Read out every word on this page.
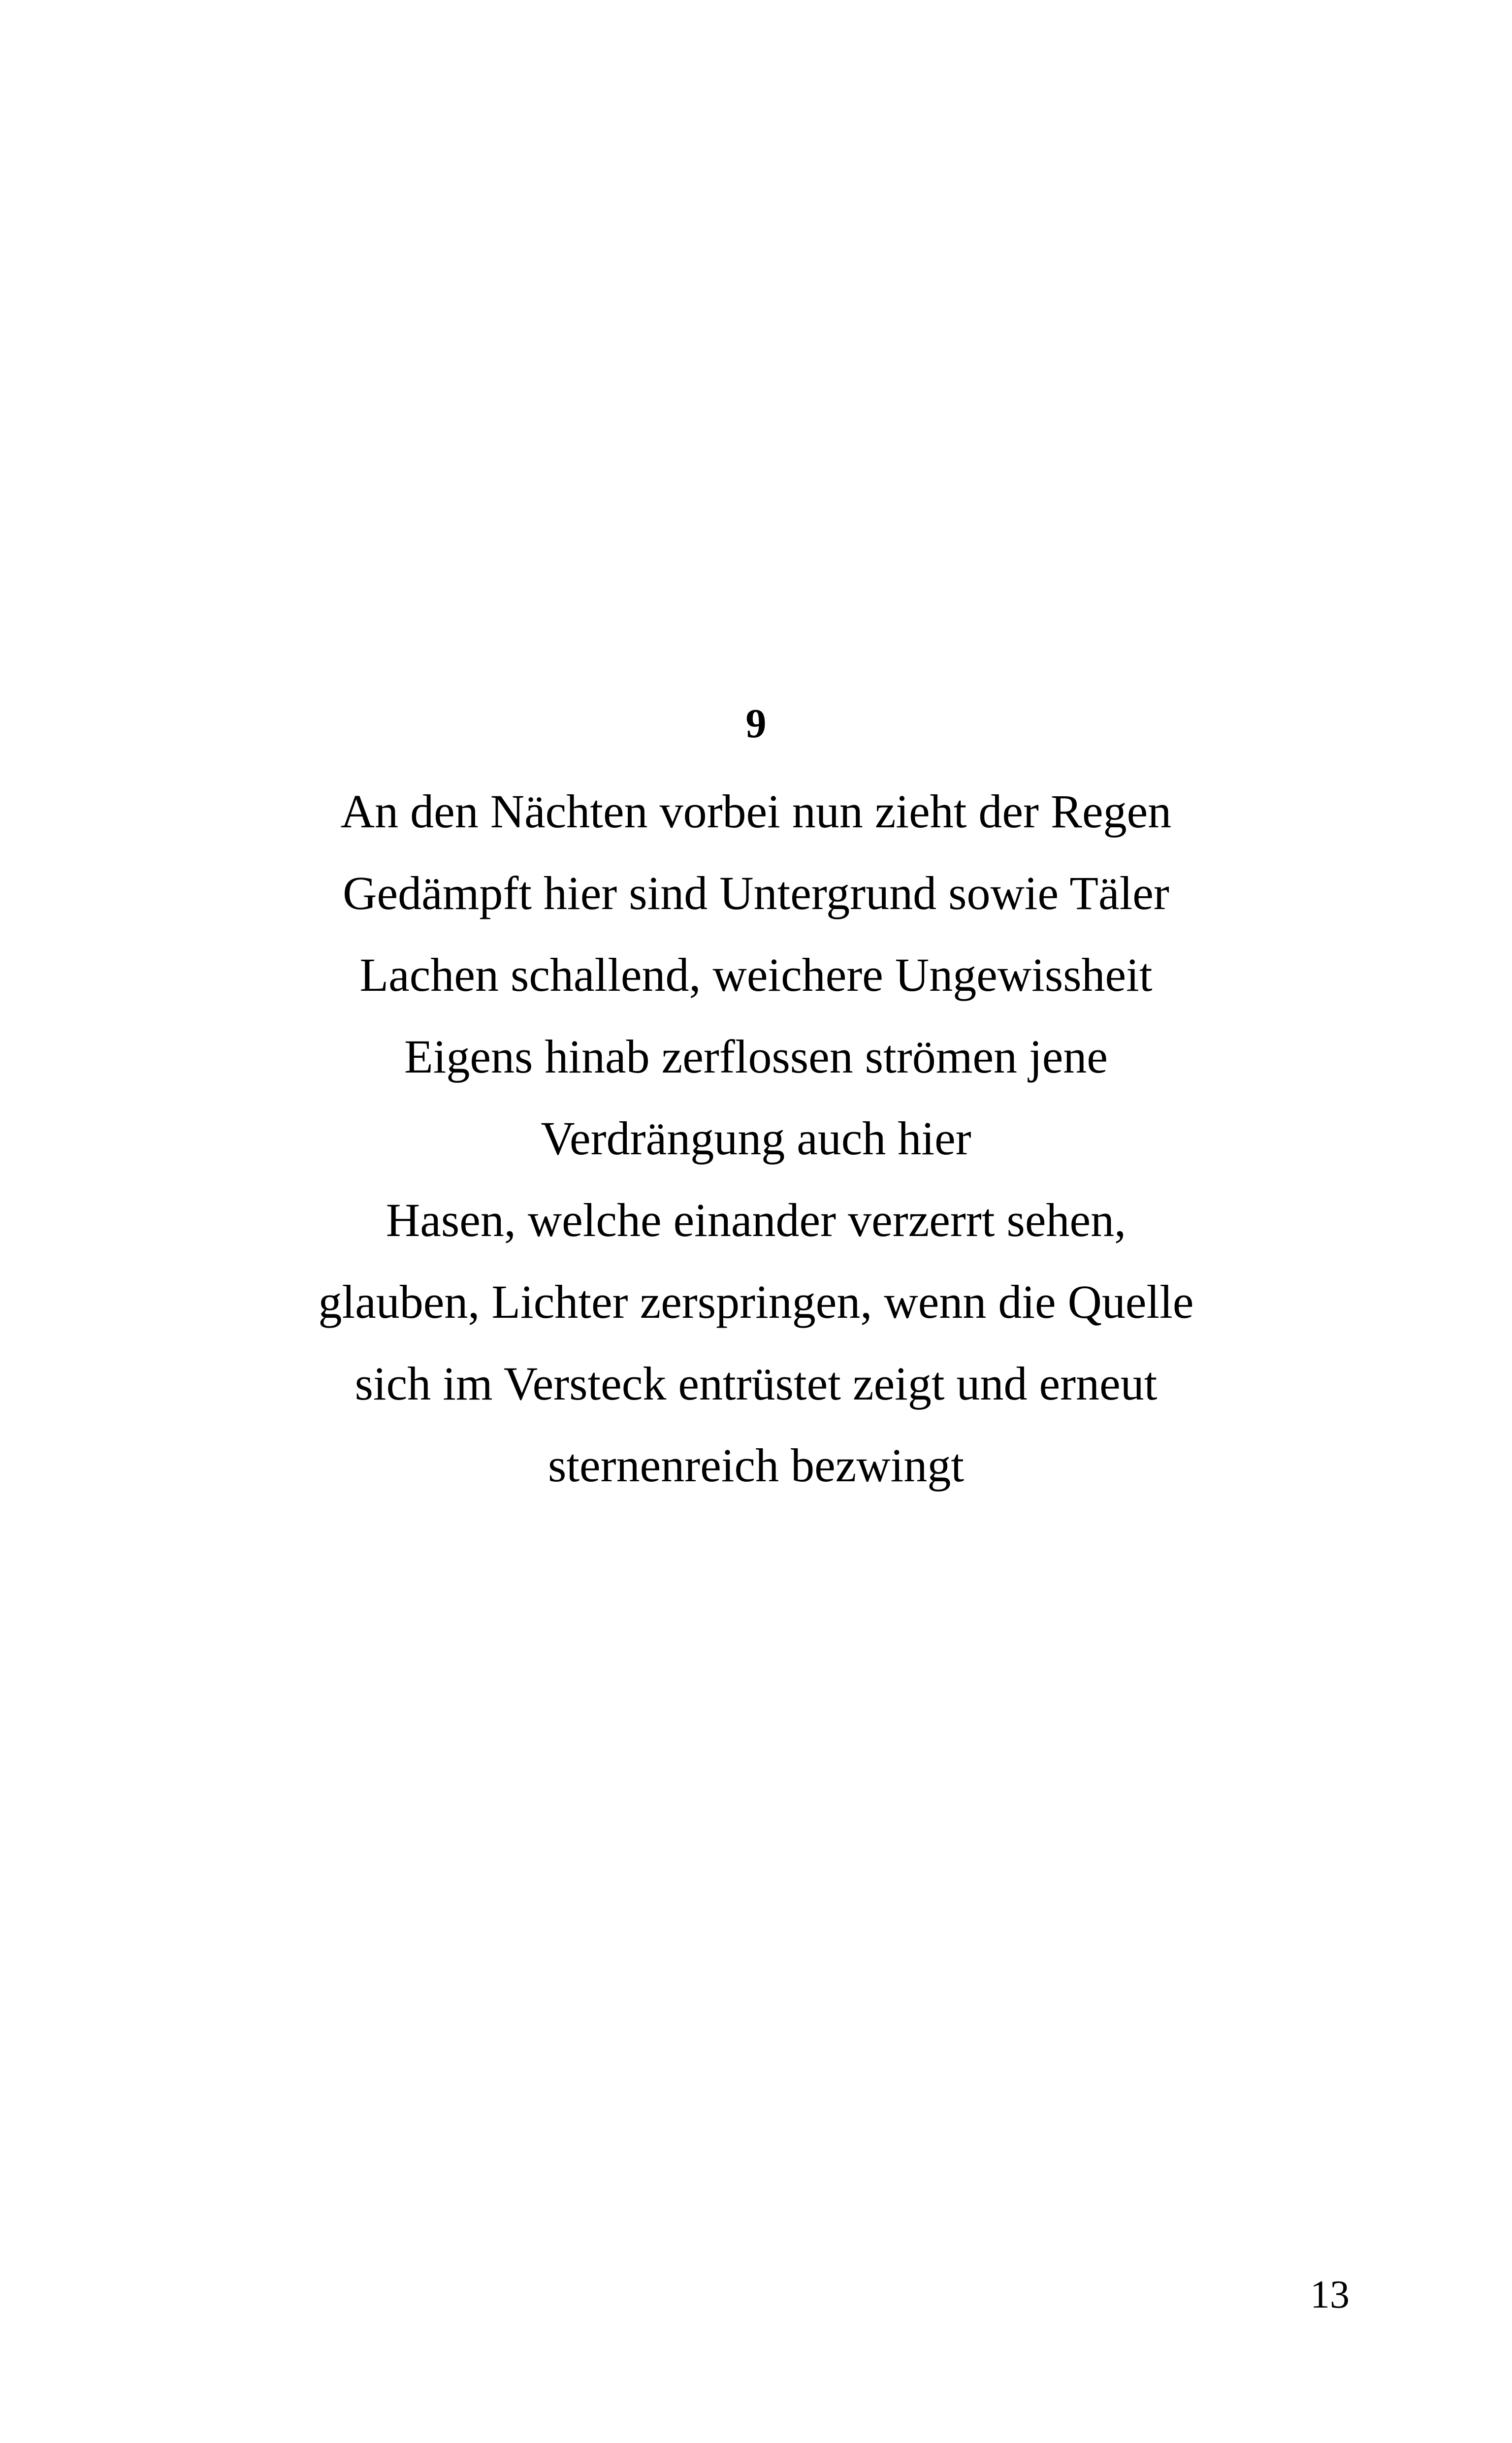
9
An den Nächten vorbei nun zieht der Regen
Gedämpft hier sind Untergrund sowie Täler
Lachen schallend, weichere Ungewissheit
Eigens hinab zerflossen strömen jene
Verdrängung auch hier
Hasen, welche einander verzerrt sehen,
glauben, Lichter zerspringen, wenn die Quelle
sich im Versteck entrüstet zeigt und erneut
sternenreich bezwingt
13
